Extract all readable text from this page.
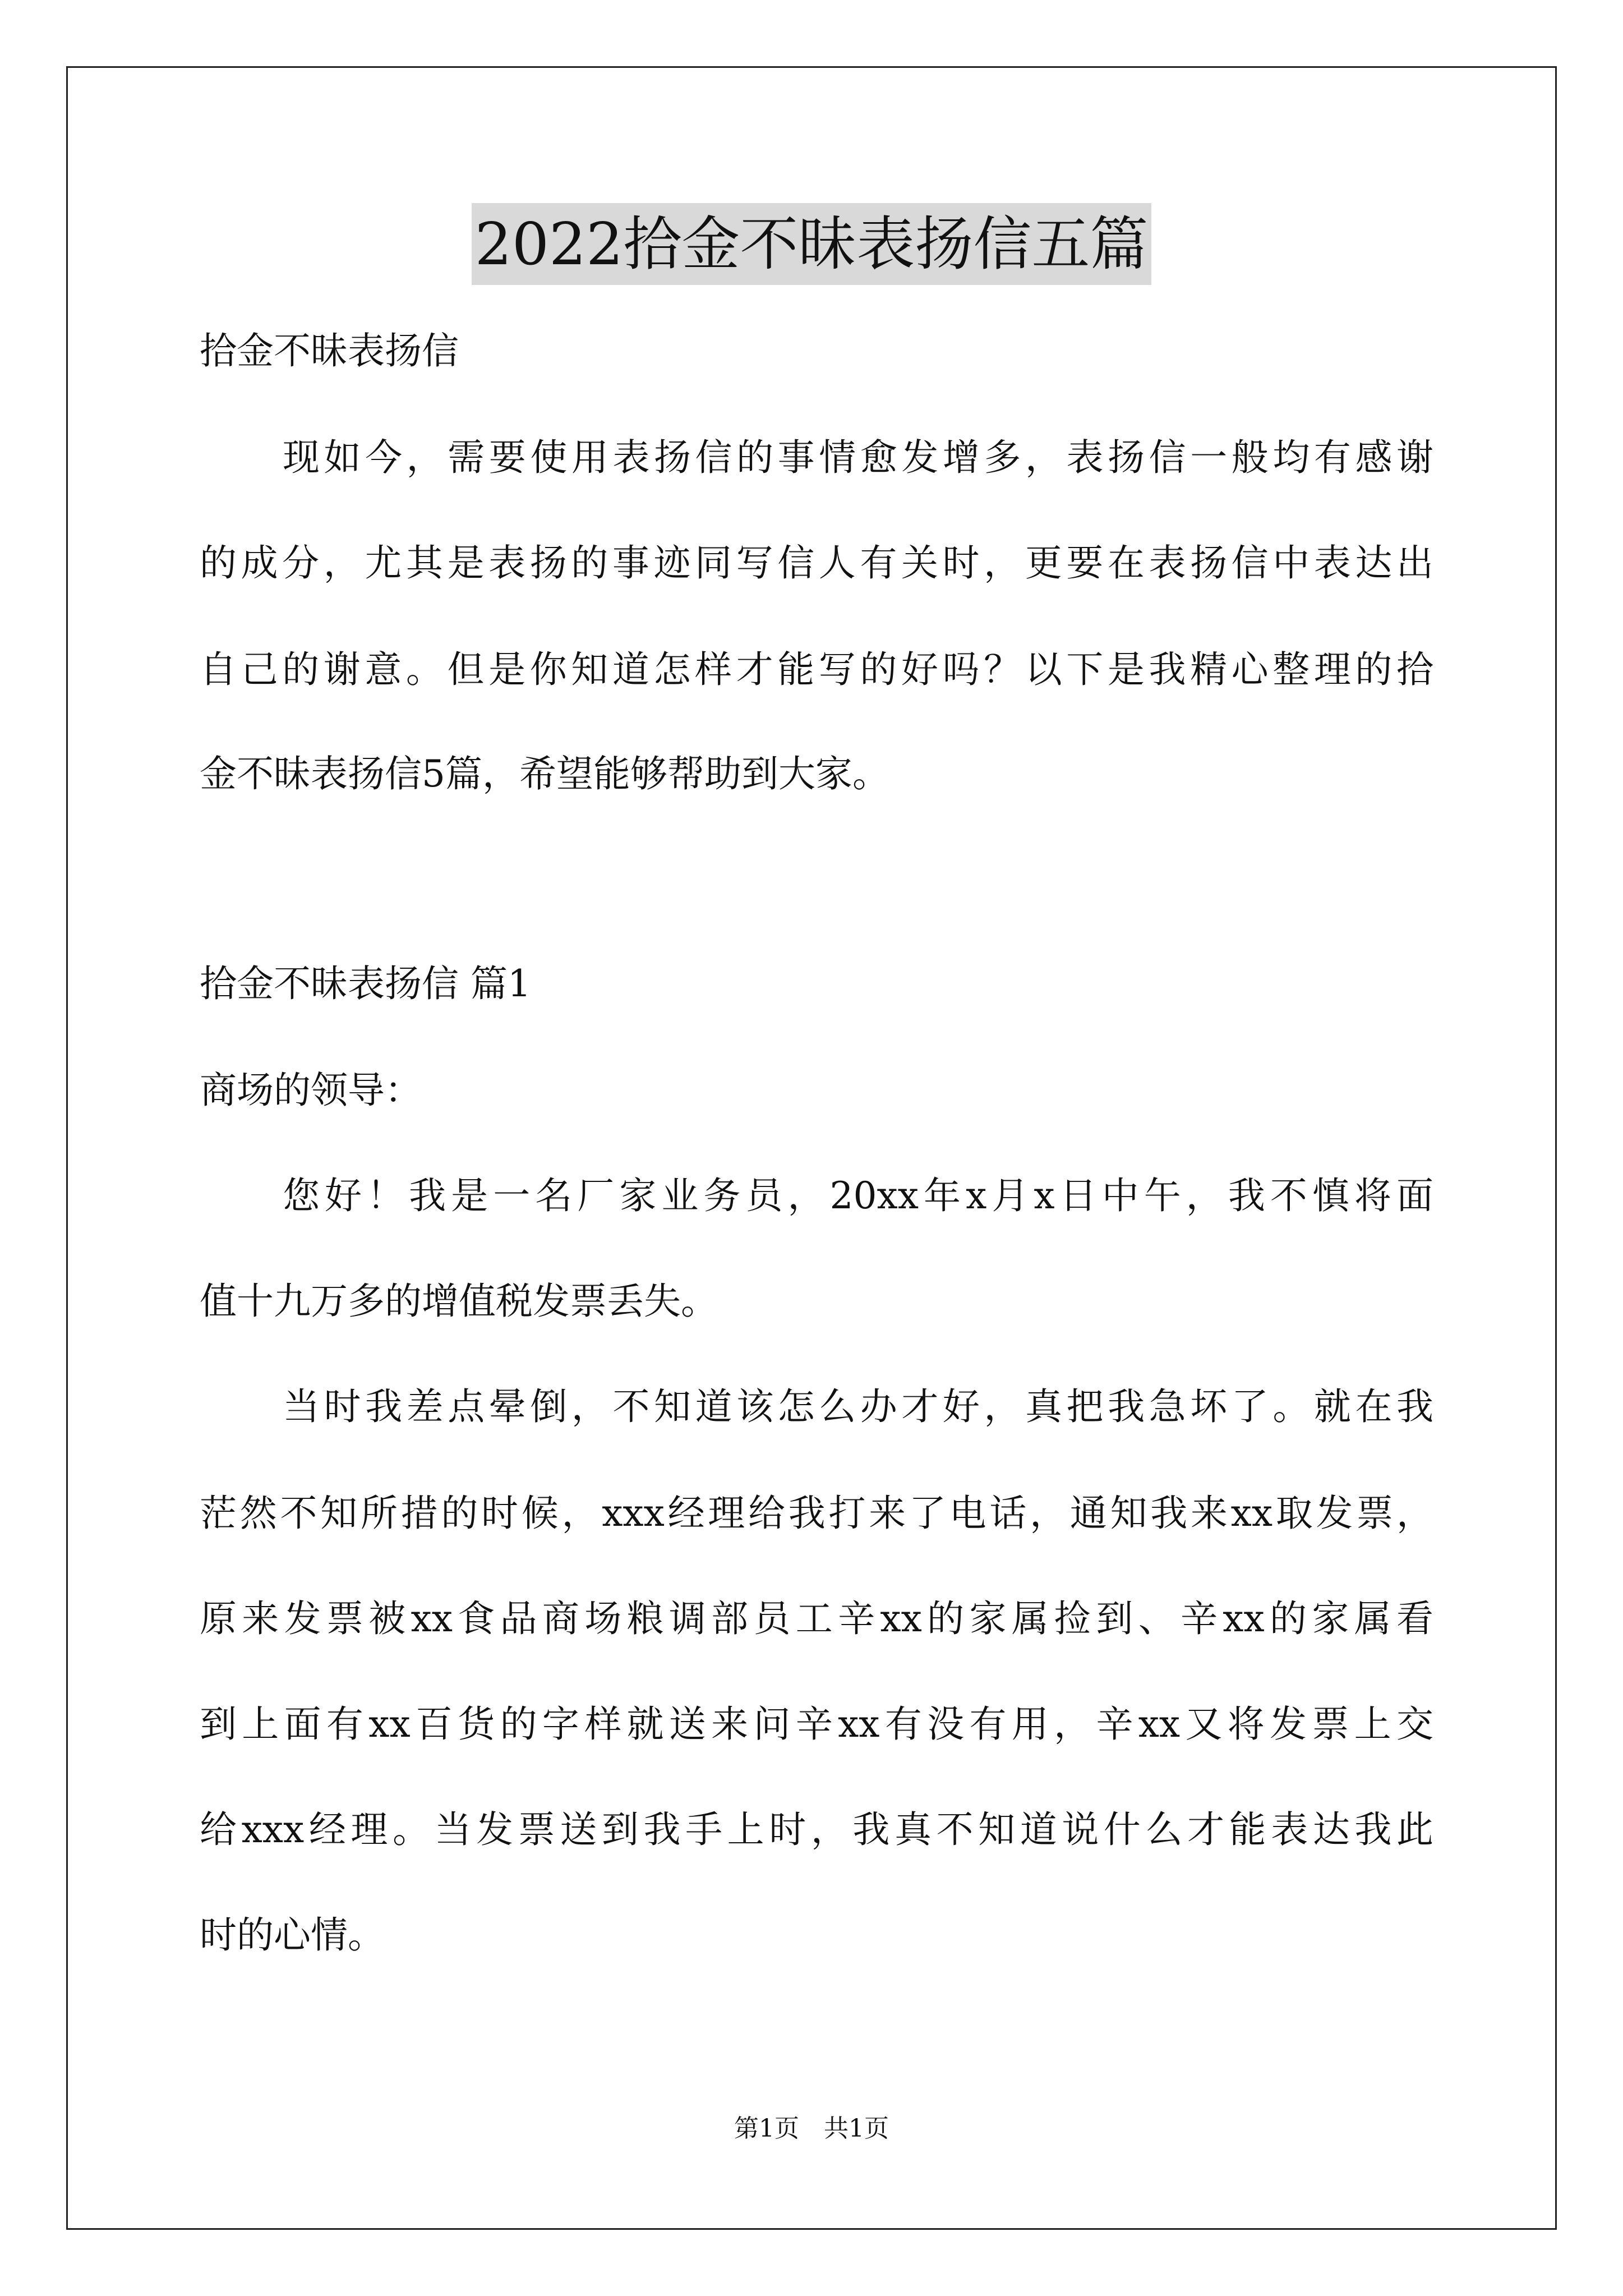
2022拾金不昧表扬信五篇
拾金不昧表扬信
现如今，需要使用表扬信的事情愈发增多，表扬信一般均有感谢
的成分，尤其是表扬的事迹同写信人有关时，更要在表扬信中表达出
自己的谢意。但是你知道怎样才能写的好吗？以下是我精心整理的拾
金不昧表扬信5篇，希望能够帮助到大家。
拾金不昧表扬信 篇1
商场的领导：
您好！我是一名厂家业务员，20xx年x月x日中午，我不慎将面
值十九万多的增值税发票丢失。
当时我差点晕倒，不知道该怎么办才好，真把我急坏了。就在我
茫然不知所措的时候，xxx经理给我打来了电话，通知我来xx取发票，
原来发票被xx食品商场粮调部员工辛xx的家属捡到、辛xx的家属看
到上面有xx百货的字样就送来问辛xx有没有用，辛xx又将发票上交
给xxx经理。当发票送到我手上时，我真不知道说什么才能表达我此
时的心情。
第1页　共1页
